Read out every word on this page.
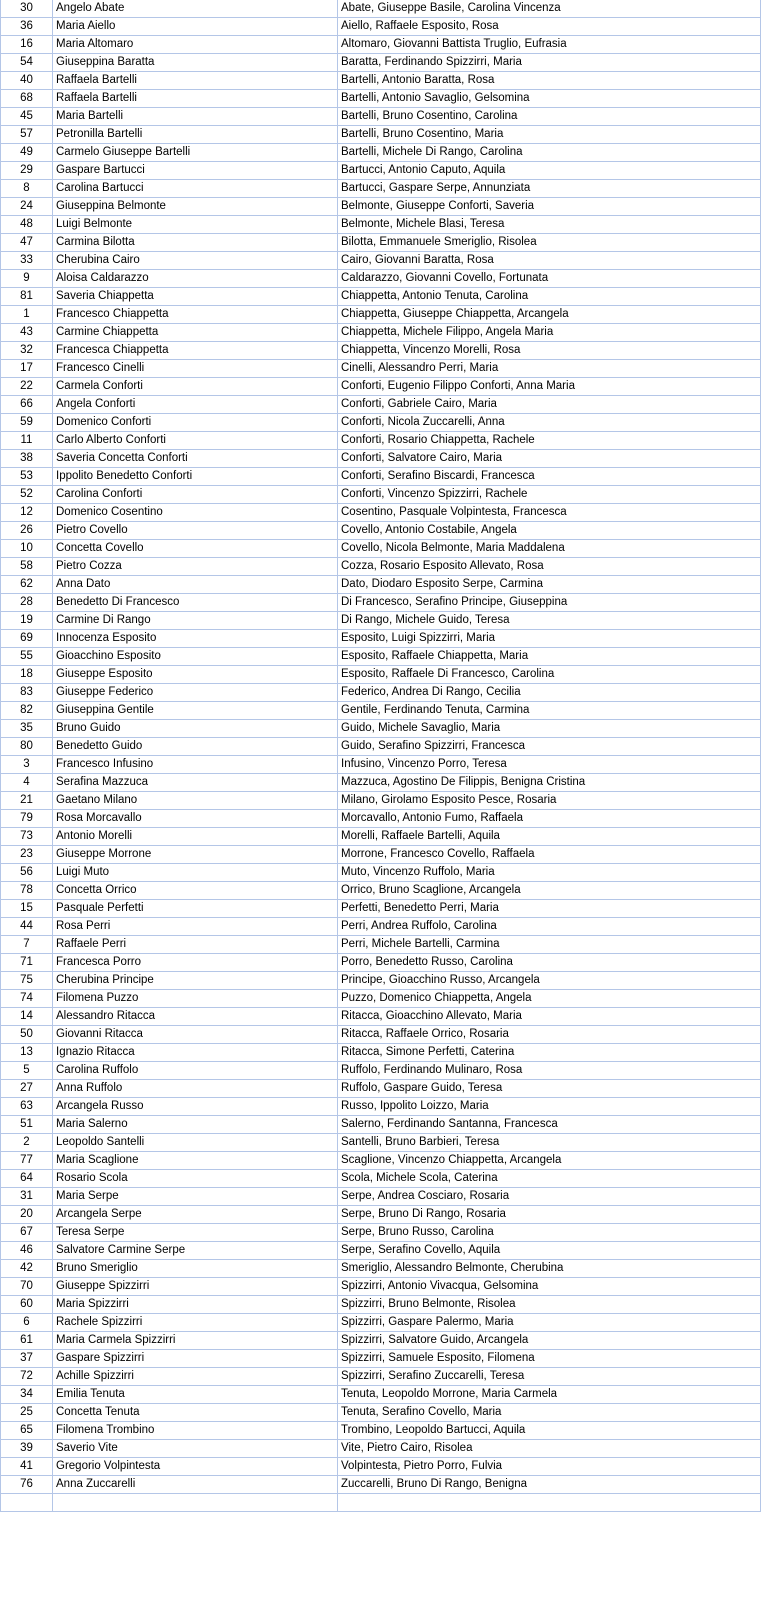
30	Angelo Abate	Abate, Giuseppe Basile, Carolina Vincenza
36	Maria Aiello	Aiello, Raffaele Esposito, Rosa
16	Maria Altomaro	Altomaro, Giovanni Battista Truglio, Eufrasia
54	Giuseppina Baratta	Baratta, Ferdinando Spizzirri, Maria
40	Raffaela Bartelli	Bartelli, Antonio Baratta, Rosa
68	Raffaela Bartelli	Bartelli, Antonio Savaglio, Gelsomina
45	Maria Bartelli	Bartelli, Bruno Cosentino, Carolina
57	Petronilla Bartelli	Bartelli, Bruno Cosentino, Maria
49	Carmelo Giuseppe Bartelli	Bartelli, Michele Di Rango, Carolina
29	Gaspare Bartucci	Bartucci, Antonio Caputo, Aquila
8	Carolina Bartucci	Bartucci, Gaspare Serpe, Annunziata
24	Giuseppina Belmonte	Belmonte, Giuseppe Conforti, Saveria
48	Luigi Belmonte	Belmonte, Michele Blasi, Teresa
47	Carmina Bilotta	Bilotta, Emmanuele Smeriglio, Risolea
33	Cherubina Cairo	Cairo, Giovanni Baratta, Rosa
9	Aloisa Caldarazzo	Caldarazzo, Giovanni Covello, Fortunata
81	Saveria Chiappetta	Chiappetta, Antonio Tenuta, Carolina
1	Francesco Chiappetta	Chiappetta, Giuseppe Chiappetta, Arcangela
43	Carmine Chiappetta	Chiappetta, Michele Filippo, Angela Maria
32	Francesca Chiappetta	Chiappetta, Vincenzo Morelli, Rosa
17	Francesco Cinelli	Cinelli, Alessandro Perri, Maria
22	Carmela Conforti	Conforti, Eugenio Filippo Conforti, Anna Maria
66	Angela Conforti	Conforti, Gabriele Cairo, Maria
59	Domenico Conforti	Conforti, Nicola Zuccarelli, Anna
11	Carlo Alberto Conforti	Conforti, Rosario Chiappetta, Rachele
38	Saveria Concetta Conforti	Conforti, Salvatore Cairo, Maria
53	Ippolito Benedetto Conforti	Conforti, Serafino Biscardi, Francesca
52	Carolina Conforti	Conforti, Vincenzo Spizzirri, Rachele
12	Domenico Cosentino	Cosentino, Pasquale Volpintesta, Francesca
26	Pietro Covello	Covello, Antonio Costabile, Angela
10	Concetta Covello	Covello, Nicola Belmonte, Maria Maddalena
58	Pietro Cozza	Cozza, Rosario Esposito Allevato, Rosa
62	Anna Dato	Dato, Diodaro Esposito Serpe, Carmina
28	Benedetto Di Francesco	Di Francesco, Serafino Principe, Giuseppina
19	Carmine Di Rango	Di Rango, Michele Guido, Teresa
69	Innocenza Esposito	Esposito, Luigi Spizzirri, Maria
55	Gioacchino Esposito	Esposito, Raffaele Chiappetta, Maria
18	Giuseppe Esposito	Esposito, Raffaele Di Francesco, Carolina
83	Giuseppe Federico	Federico, Andrea Di Rango, Cecilia
82	Giuseppina Gentile	Gentile, Ferdinando Tenuta, Carmina
35	Bruno Guido	Guido, Michele Savaglio, Maria
80	Benedetto Guido	Guido, Serafino Spizzirri, Francesca
3	Francesco Infusino	Infusino, Vincenzo Porro, Teresa
4	Serafina Mazzuca	Mazzuca, Agostino De Filippis, Benigna Cristina
21	Gaetano Milano	Milano, Girolamo Esposito Pesce, Rosaria
79	Rosa Morcavallo	Morcavallo, Antonio Fumo, Raffaela
73	Antonio Morelli	Morelli, Raffaele Bartelli, Aquila
23	Giuseppe Morrone	Morrone, Francesco Covello, Raffaela
56	Luigi Muto	Muto, Vincenzo Ruffolo, Maria
78	Concetta Orrico	Orrico, Bruno Scaglione, Arcangela
15	Pasquale Perfetti	Perfetti, Benedetto Perri, Maria
44	Rosa Perri	Perri, Andrea Ruffolo, Carolina
7	Raffaele Perri	Perri, Michele Bartelli, Carmina
71	Francesca Porro	Porro, Benedetto Russo, Carolina
75	Cherubina Principe	Principe, Gioacchino Russo, Arcangela
74	Filomena Puzzo	Puzzo, Domenico Chiappetta, Angela
14	Alessandro Ritacca	Ritacca, Gioacchino Allevato, Maria
50	Giovanni Ritacca	Ritacca, Raffaele Orrico, Rosaria
13	Ignazio Ritacca	Ritacca, Simone Perfetti, Caterina
5	Carolina Ruffolo	Ruffolo, Ferdinando Mulinaro, Rosa
27	Anna Ruffolo	Ruffolo, Gaspare Guido, Teresa
63	Arcangela Russo	Russo, Ippolito Loizzo, Maria
51	Maria Salerno	Salerno, Ferdinando Santanna, Francesca
2	Leopoldo Santelli	Santelli, Bruno Barbieri, Teresa
77	Maria Scaglione	Scaglione, Vincenzo Chiappetta, Arcangela
64	Rosario Scola	Scola, Michele Scola, Caterina
31	Maria Serpe	Serpe, Andrea Cosciaro, Rosaria
20	Arcangela Serpe	Serpe, Bruno Di Rango, Rosaria
67	Teresa Serpe	Serpe, Bruno Russo, Carolina
46	Salvatore Carmine Serpe	Serpe, Serafino Covello, Aquila
42	Bruno Smeriglio	Smeriglio, Alessandro Belmonte, Cherubina
70	Giuseppe Spizzirri	Spizzirri, Antonio Vivacqua, Gelsomina
60	Maria Spizzirri	Spizzirri, Bruno Belmonte, Risolea
6	Rachele Spizzirri	Spizzirri, Gaspare Palermo, Maria
61	Maria Carmela Spizzirri	Spizzirri, Salvatore Guido, Arcangela
37	Gaspare Spizzirri	Spizzirri, Samuele Esposito, Filomena
72	Achille Spizzirri	Spizzirri, Serafino Zuccarelli, Teresa
34	Emilia Tenuta	Tenuta, Leopoldo Morrone, Maria Carmela
25	Concetta Tenuta	Tenuta, Serafino Covello, Maria
65	Filomena Trombino	Trombino, Leopoldo Bartucci, Aquila
39	Saverio Vite	Vite, Pietro Cairo, Risolea
41	Gregorio Volpintesta	Volpintesta, Pietro Porro, Fulvia
76	Anna Zuccarelli	Zuccarelli, Bruno Di Rango, Benigna
